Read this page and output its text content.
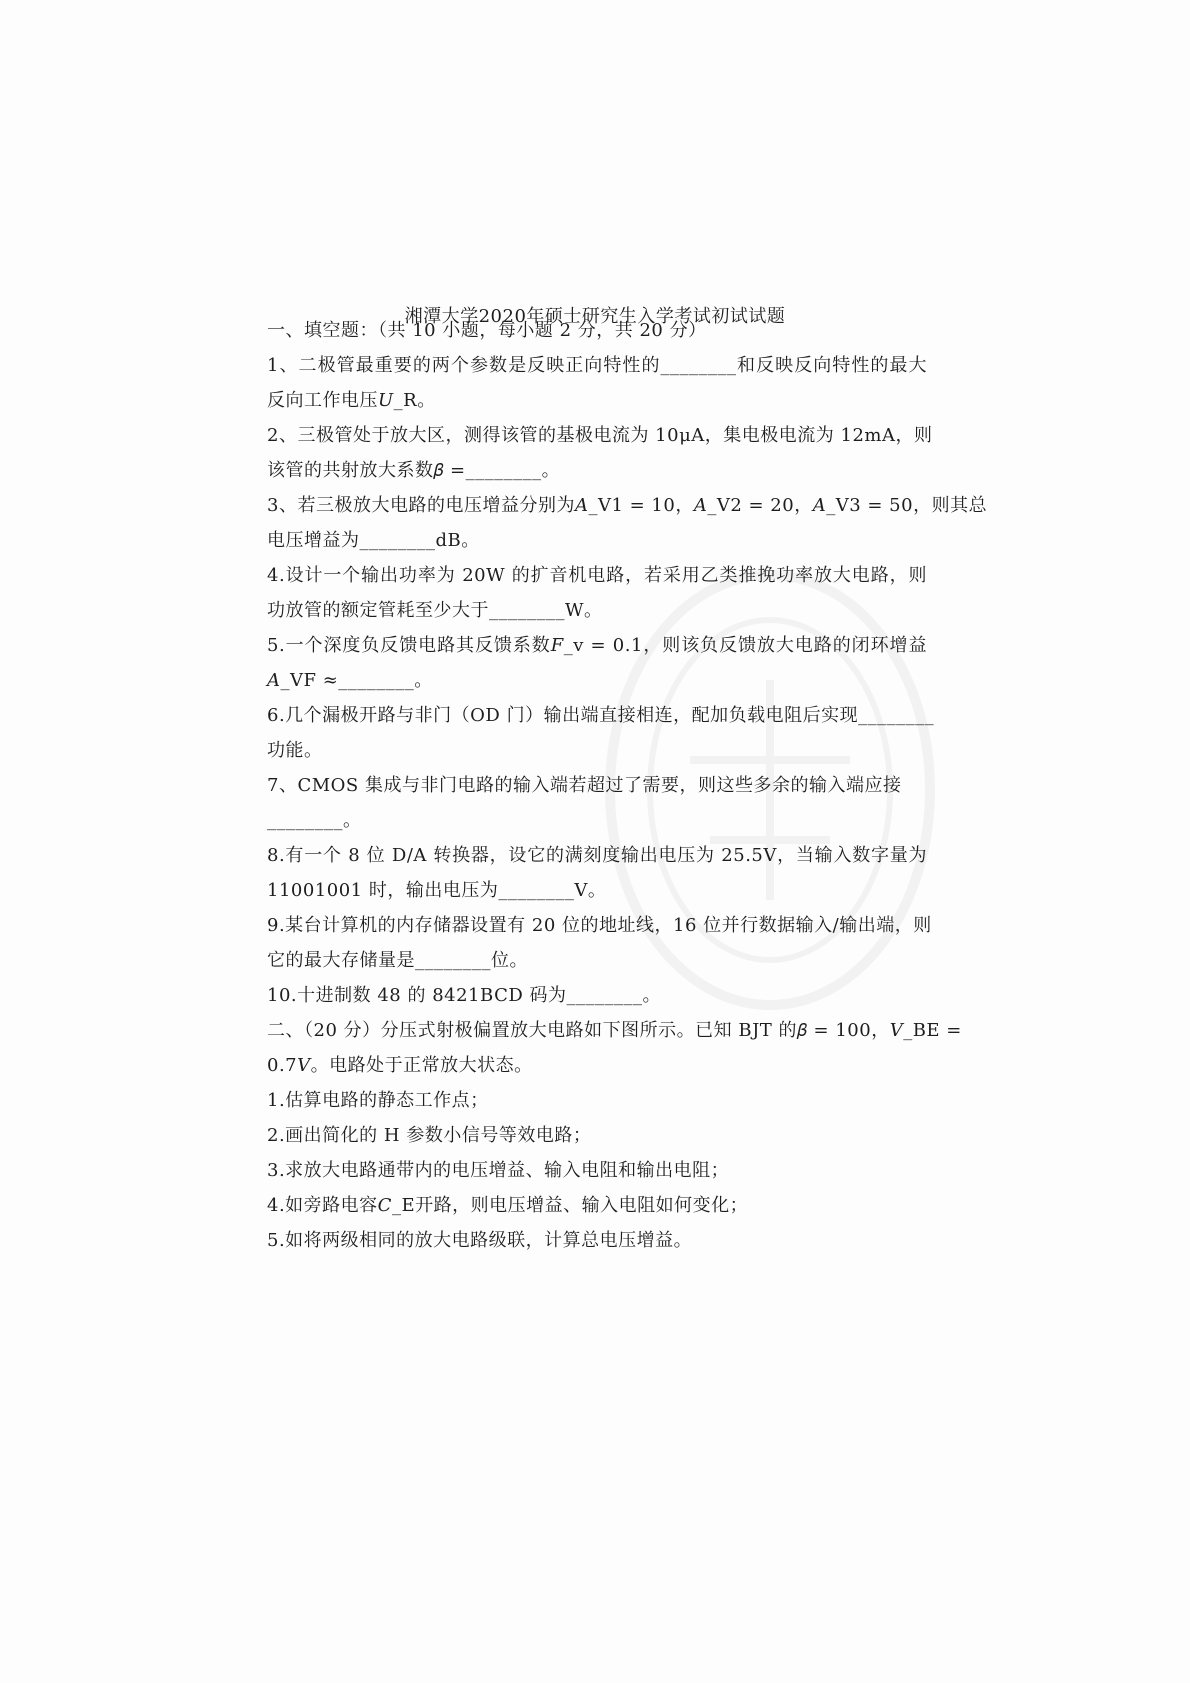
湘潭大学2020年硕士研究生入学考试初试试题
一、填空题：（共 10 小题，每小题 2 分，共 20 分）
1、二极管最重要的两个参数是反映正向特性的________和反映反向特性的最大
反向工作电压𝑈_R。
2、三极管处于放大区，测得该管的基极电流为 10μA，集电极电流为 12mA，则
该管的共射放大系数𝛽 =________。
3、若三极放大电路的电压增益分别为𝐴_V1 = 10，𝐴_V2 = 20，𝐴_V3 = 50，则其总
电压增益为________dB。
4.设计一个输出功率为 20W 的扩音机电路，若采用乙类推挽功率放大电路，则
功放管的额定管耗至少大于________W。
5.一个深度负反馈电路其反馈系数𝐹_v = 0.1，则该负反馈放大电路的闭环增益
𝐴_VF ≈________。
6.几个漏极开路与非门（OD 门）输出端直接相连，配加负载电阻后实现________
功能。
7、CMOS 集成与非门电路的输入端若超过了需要，则这些多余的输入端应接
________。
8.有一个 8 位 D/A 转换器，设它的满刻度输出电压为 25.5V，当输入数字量为
11001001 时，输出电压为________V。
9.某台计算机的内存储器设置有 20 位的地址线，16 位并行数据输入/输出端，则
它的最大存储量是________位。
10.十进制数 48 的 8421BCD 码为________。
二、（20 分）分压式射极偏置放大电路如下图所示。已知 BJT 的𝛽 = 100，𝑉_BE =
0.7𝑉。电路处于正常放大状态。
1.估算电路的静态工作点；
2.画出简化的 H 参数小信号等效电路；
3.求放大电路通带内的电压增益、输入电阻和输出电阻；
4.如旁路电容𝐶_E开路，则电压增益、输入电阻如何变化；
5.如将两级相同的放大电路级联，计算总电压增益。
